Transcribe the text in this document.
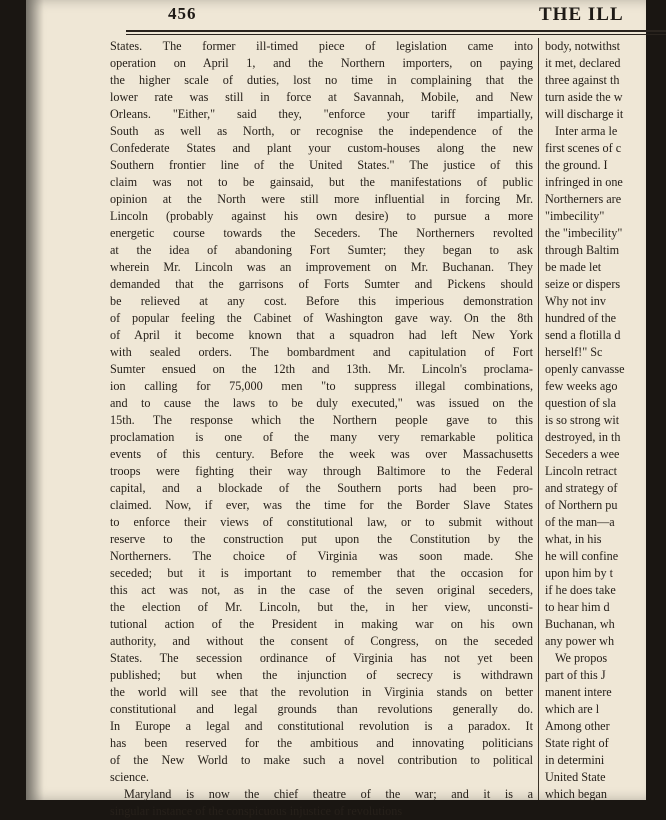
456	THE ILL
States. The former ill-timed piece of legislation came into
operation on April 1, and the Northern importers, on paying
the higher scale of duties, lost no time in complaining that the
lower rate was still in force at Savannah, Mobile, and New
Orleans. "Either," said they, "enforce your tariff impartially,
South as well as North, or recognise the independence of the
Confederate States and plant your custom-houses along the new
Southern frontier line of the United States." The justice of this
claim was not to be gainsaid, but the manifestations of public
opinion at the North were still more influential in forcing Mr.
Lincoln (probably against his own desire) to pursue a more
energetic course towards the Seceders. The Northerners revolted
at the idea of abandoning Fort Sumter; they began to ask
wherein Mr. Lincoln was an improvement on Mr. Buchanan. They
demanded that the garrisons of Forts Sumter and Pickens should
be relieved at any cost. Before this imperious demonstration
of popular feeling the Cabinet of Washington gave way. On the 8th
of April it become known that a squadron had left New York
with sealed orders. The bombardment and capitulation of Fort
Sumter ensued on the 12th and 13th. Mr. Lincoln's proclama-
ion calling for 75,000 men "to suppress illegal combinations,
and to cause the laws to be duly executed," was issued on the
15th. The response which the Northern people gave to this
proclamation is one of the many very remarkable politica
events of this century. Before the week was over Massachusetts
troops were fighting their way through Baltimore to the Federal
capital, and a blockade of the Southern ports had been pro-
claimed. Now, if ever, was the time for the Border Slave States
to enforce their views of constitutional law, or to submit without
reserve to the construction put upon the Constitution by the
Northerners. The choice of Virginia was soon made. She
seceded; but it is important to remember that the occasion for
this act was not, as in the case of the seven original seceders,
the election of Mr. Lincoln, but the, in her view, unconsti-
tutional action of the President in making war on his own
authority, and without the consent of Congress, on the seceded
States. The secession ordinance of Virginia has not yet been
published; but when the injunction of secrecy is withdrawn
the world will see that the revolution in Virginia stands on better
constitutional and legal grounds than revolutions generally do.
In Europe a legal and constitutional revolution is a paradox. It
has been reserved for the ambitious and innovating politicians
of the New World to make such a novel contribution to political
science.
Maryland is now the chief theatre of the war; and it is a
singular instance of the conspicuous injustice of revolutions
body, notwithst
it met, declared
three against th
turn aside the w
will discharge it
Inter arma le
first scenes of c
the ground. I
infringed in one
Northerners are
"imbecility"
the "imbecility"
through Baltim
be made let
seize or dispers
Why not inv
hundred of the
send a flotilla d
herself!" Sc
openly canvasse
few weeks ago
question of sla
is so strong wit
destroyed, in th
Seceders a wee
Lincoln retract
and strategy of
of Northern pu
of the man—a
what, in his
he will confine
upon him by t
if he does take
to hear him d
Buchanan, wh
any power wh
We propos
part of this J
manent intere
which are l
Among other
State right of
in determini
United State
which began
